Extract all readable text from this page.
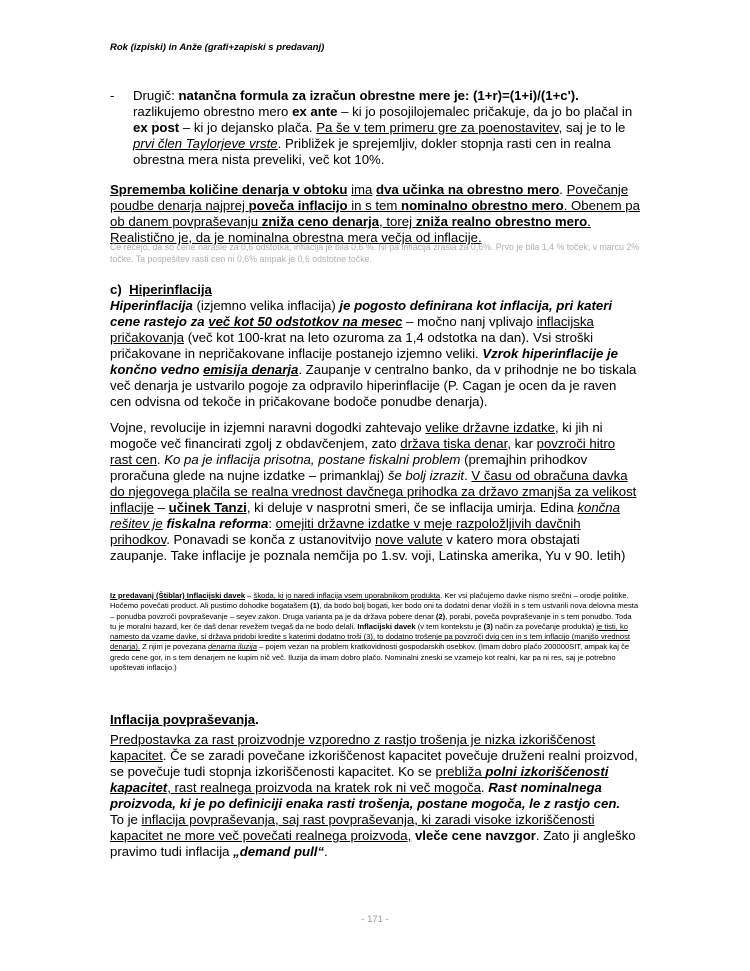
Rok (izpiski) in Anže (grafi+zapiski s predavanj)
- Drugič: natančna formula za izračun obrestne mere je: (1+r)=(1+i)/(1+c'). razlikujemo obrestno mero ex ante – ki jo posojilojemalec pričakuje, da jo bo plačal in ex post – ki jo dejansko plača. Pa še v tem primeru gre za poenostavitev, saj je to le prvi člen Taylorjeve vrste. Približek je sprejemljiv, dokler stopnja rasti cen in realna obrestna mera nista preveliki, več kot 10%.
Sprememba količine denarja v obtoku ima dva učinka na obrestno mero. Povečanje poudbe denarja najprej poveča inflacijo in s tem nominalno obrestno mero. Obenem pa ob danem povpraševanju zniža ceno denarja, torej zniža realno obrestno mero. Realistično je, da je nominalna obrestna mera večja od inflacije.
Če rečejo, da so cene narasle za 0,6 odstotka, inflacija je bila 0,6 %. Ni pa inflacija zrasla za 0,6%. Prvo je bila 1,4 % toček, v marcu 2% točke. Ta pospešitev rasti cen ni 0,6% ampak je 0,6 odstotne točke.
c) Hiperinflacija
Hiperinflacija (izjemno velika inflacija) je pogosto definirana kot inflacija, pri kateri cene rastejo za več kot 50 odstotkov na mesec – močno nanj vplivajo inflacijska pričakovanja (več kot 100-krat na leto ozuroma za 1,4 odstotka na dan). Vsi stroški pričakovane in nepričakovane inflacije postanejo izjemno veliki. Vzrok hiperinflacije je končno vedno emisija denarja. Zaupanje v centralno banko, da v prihodnje ne bo tiskala več denarja je ustvarilo pogoje za odpravilo hiperinflacije (P. Cagan je ocen da je raven cen odvisna od tekoče in pričakovane bodoče ponudbe denarja).
Vojne, revolucije in izjemni naravni dogodki zahtevajo velike državne izdatke, ki jih ni mogoče več financirati zgolj z obdavčenjem, zato država tiska denar, kar povzroči hitro rast cen. Ko pa je inflacija prisotna, postane fiskalni problem (premajhin prihodkov proračuna glede na nujne izdatke – primanklaj) še bolj izrazit. V času od obračuna davka do njegovega plačila se realna vrednost davčnega prihodka za državo zmanjša za velikost inflacije – učinek Tanzi, ki deluje v nasprotni smeri, če se inflacija umirja. Edina končna rešitev je fiskalna reforma: omejiti državne izdatke v meje razpoložljivih davčnih prihodkov. Ponavadi se konča z ustanovitvijo nove valute v katero mora obstajati zaupanje. Take inflacije je poznala nemčija po 1.sv. voji, Latinska amerika, Yu v 90. letih)
Iz predavanj (Štiblar) Inflacijski davek – škoda, ki jo naredi inflacija vsem uporabnikom produkta. Ker vsi plačujemo davke nismo srečni – orodje politike. Hočemo povečati product. Ali pustimo dohodke bogatašem (1), da bodo bolj bogati, ker bodo oni ta dodatni denar vložili in s tem ustvarili nova delovna mesta – ponudba povzroči povpraševanje – seyev zakon. Druga varianta pa je da država pobere denar (2), porabi, poveča povpraševanje in s tem ponudbo. Toda tu je moralni hazard, ker če daš denar revežem tvegaš da ne bodo delali. Inflacijski davek (v tem kontekstu je (3) način za povečanje produkta) je tisti, ko namesto da vzame davke, si država pridobi kredite s katerimi dodatno troši (3), to dodatno trošenje pa povzroči dvig cen in s tem inflacijo (manjšo vrednost denarja). Z njim je povezana denarna iluzija – pojem vezan na problem kratkovidnosti gospodarskih osebkov. (Imam dobro plačo 200000SIT, ampak kaj če gredo cene gor, in s tem denarjem ne kupim nič več. Iluzija da imam dobro plačo. Nominalni zneski se vzamejo kot realni, kar pa ni res, saj je potrebno upoštevati inflacijo.)
Inflacija povpraševanja.
Predpostavka za rast proizvodnje vzporedno z rastjo trošenja je nizka izkoriščenost kapacitet. Če se zaradi povečane izkoriščenost kapacitet povečuje druženi realni proizvod, se povečuje tudi stopnja izkoriščenosti kapacitet. Ko se prebliža polni izkoriščenosti kapacitet, rast realnega proizvoda na kratek rok ni več mogoča. Rast nominalnega proizvoda, ki je po definiciji enaka rasti trošenja, postane mogoča, le z rastjo cen.
To je inflacija povpraševanja, saj rast povpraševanja, ki zaradi visoke izkoriščenosti kapacitet ne more več povečati realnega proizvoda, vleče cene navzgor. Zato ji angleško pravimo tudi inflacija „demand pull“.
- 171 -
